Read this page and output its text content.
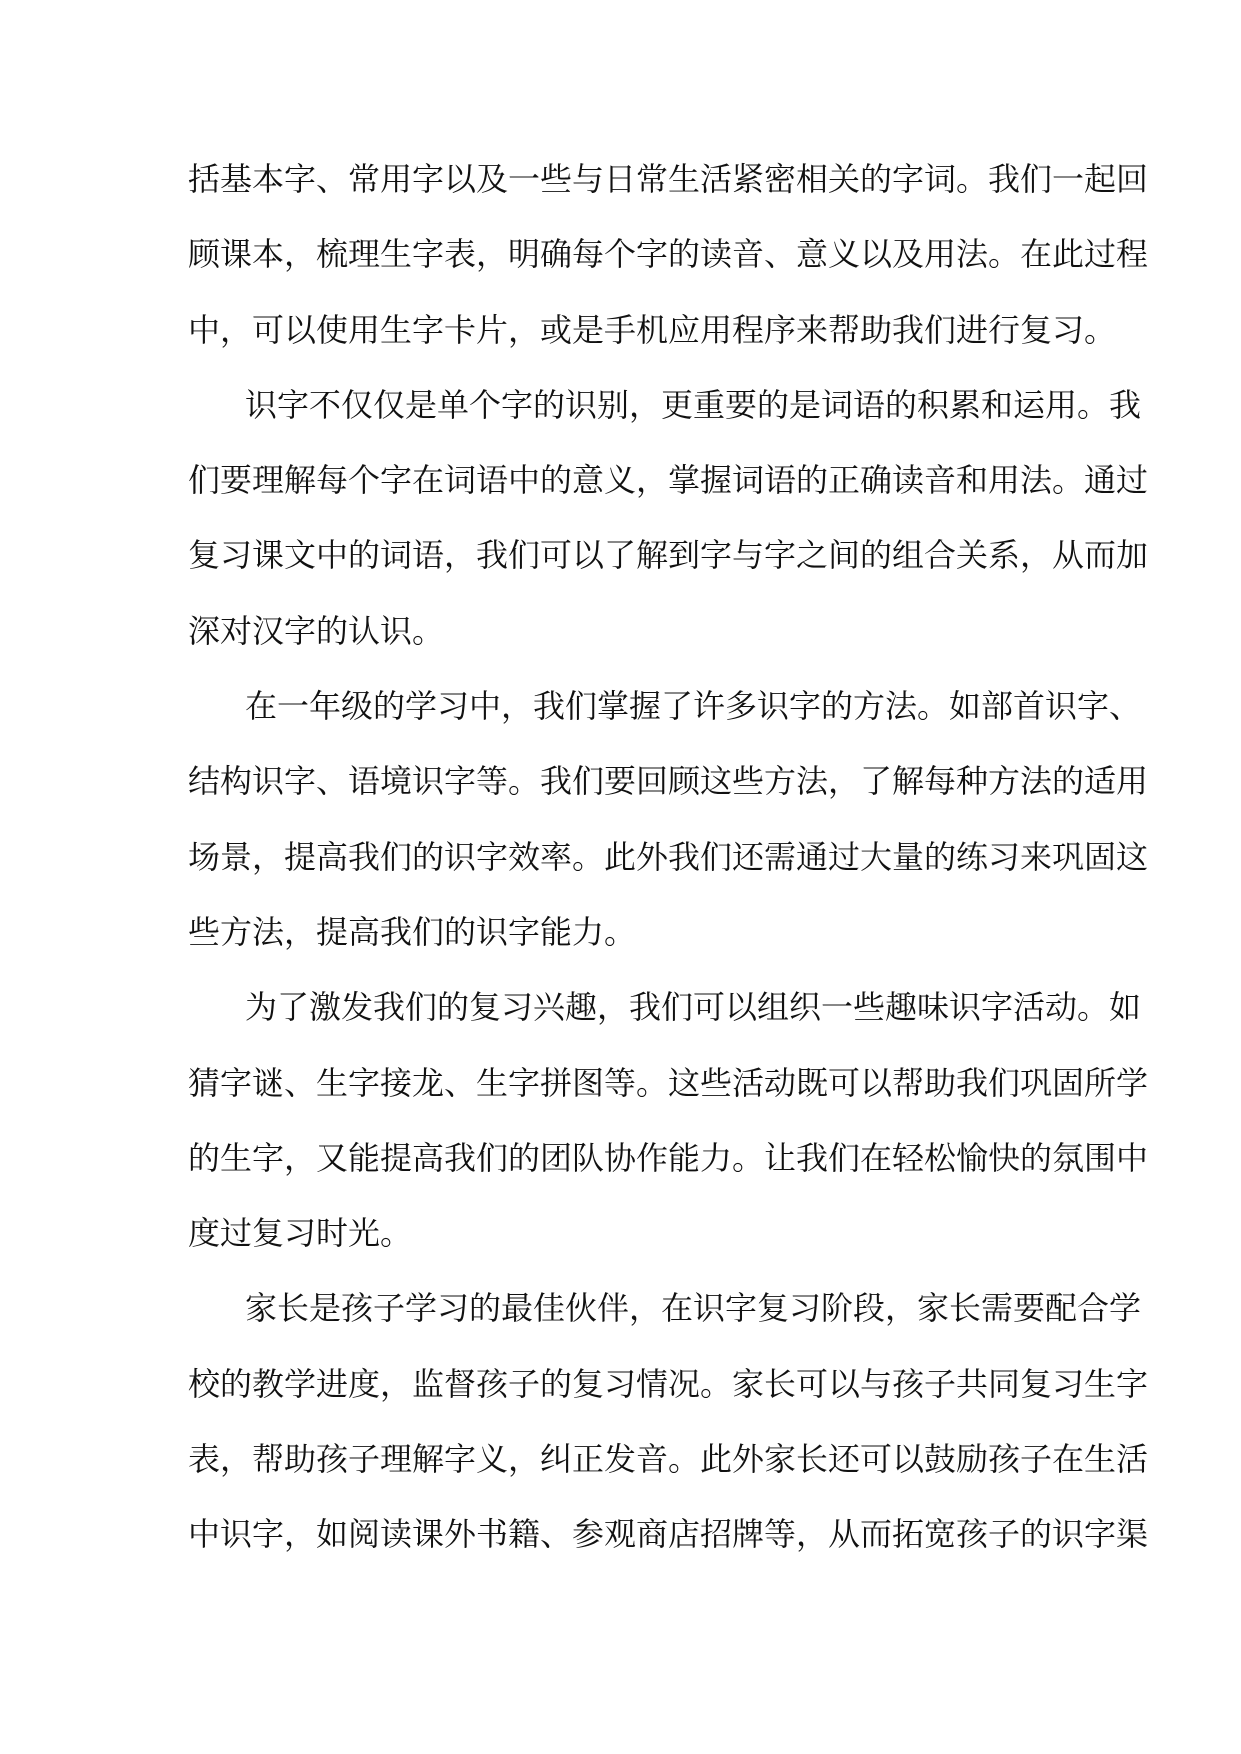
括基本字、常用字以及一些与日常生活紧密相关的字词。我们一起回
顾课本，梳理生字表，明确每个字的读音、意义以及用法。在此过程
中，可以使用生字卡片，或是手机应用程序来帮助我们进行复习。
识字不仅仅是单个字的识别，更重要的是词语的积累和运用。我
们要理解每个字在词语中的意义，掌握词语的正确读音和用法。通过
复习课文中的词语，我们可以了解到字与字之间的组合关系，从而加
深对汉字的认识。
在一年级的学习中，我们掌握了许多识字的方法。如部首识字、
结构识字、语境识字等。我们要回顾这些方法，了解每种方法的适用
场景，提高我们的识字效率。此外我们还需通过大量的练习来巩固这
些方法，提高我们的识字能力。
为了激发我们的复习兴趣，我们可以组织一些趣味识字活动。如
猜字谜、生字接龙、生字拼图等。这些活动既可以帮助我们巩固所学
的生字，又能提高我们的团队协作能力。让我们在轻松愉快的氛围中
度过复习时光。
家长是孩子学习的最佳伙伴，在识字复习阶段，家长需要配合学
校的教学进度，监督孩子的复习情况。家长可以与孩子共同复习生字
表，帮助孩子理解字义，纠正发音。此外家长还可以鼓励孩子在生活
中识字，如阅读课外书籍、参观商店招牌等，从而拓宽孩子的识字渠
